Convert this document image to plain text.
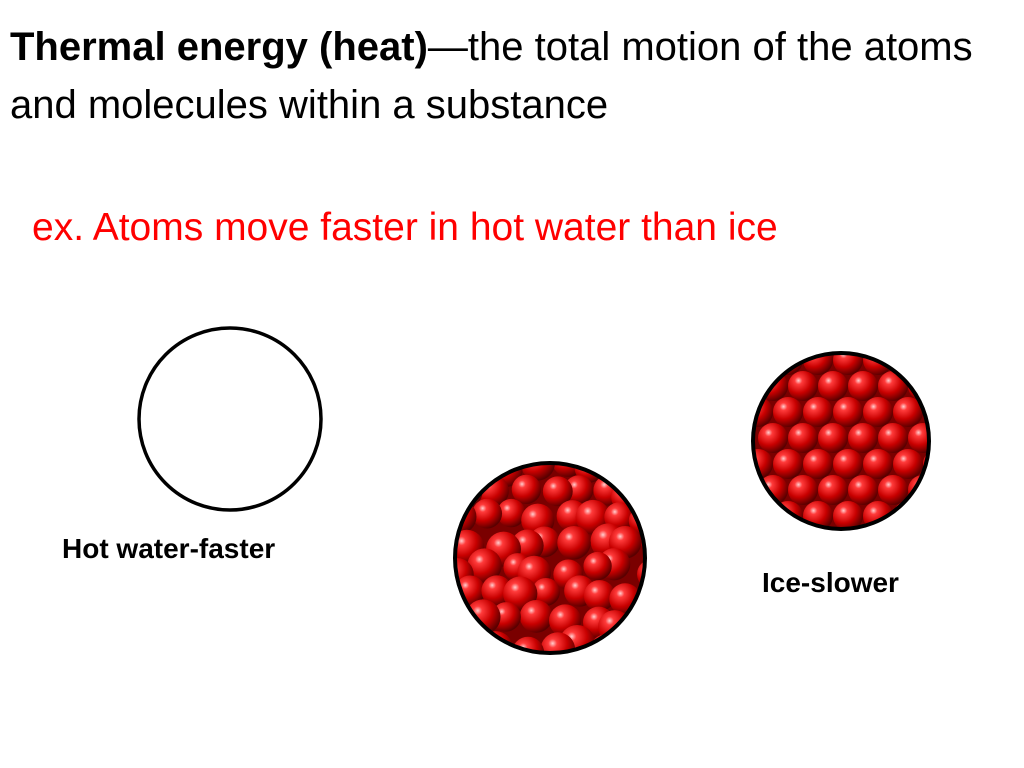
Thermal energy (heat)—the total motion of the atoms and molecules within a substance

ex. Atoms move faster in hot water than ice

Hot water-faster

Ice-slower
